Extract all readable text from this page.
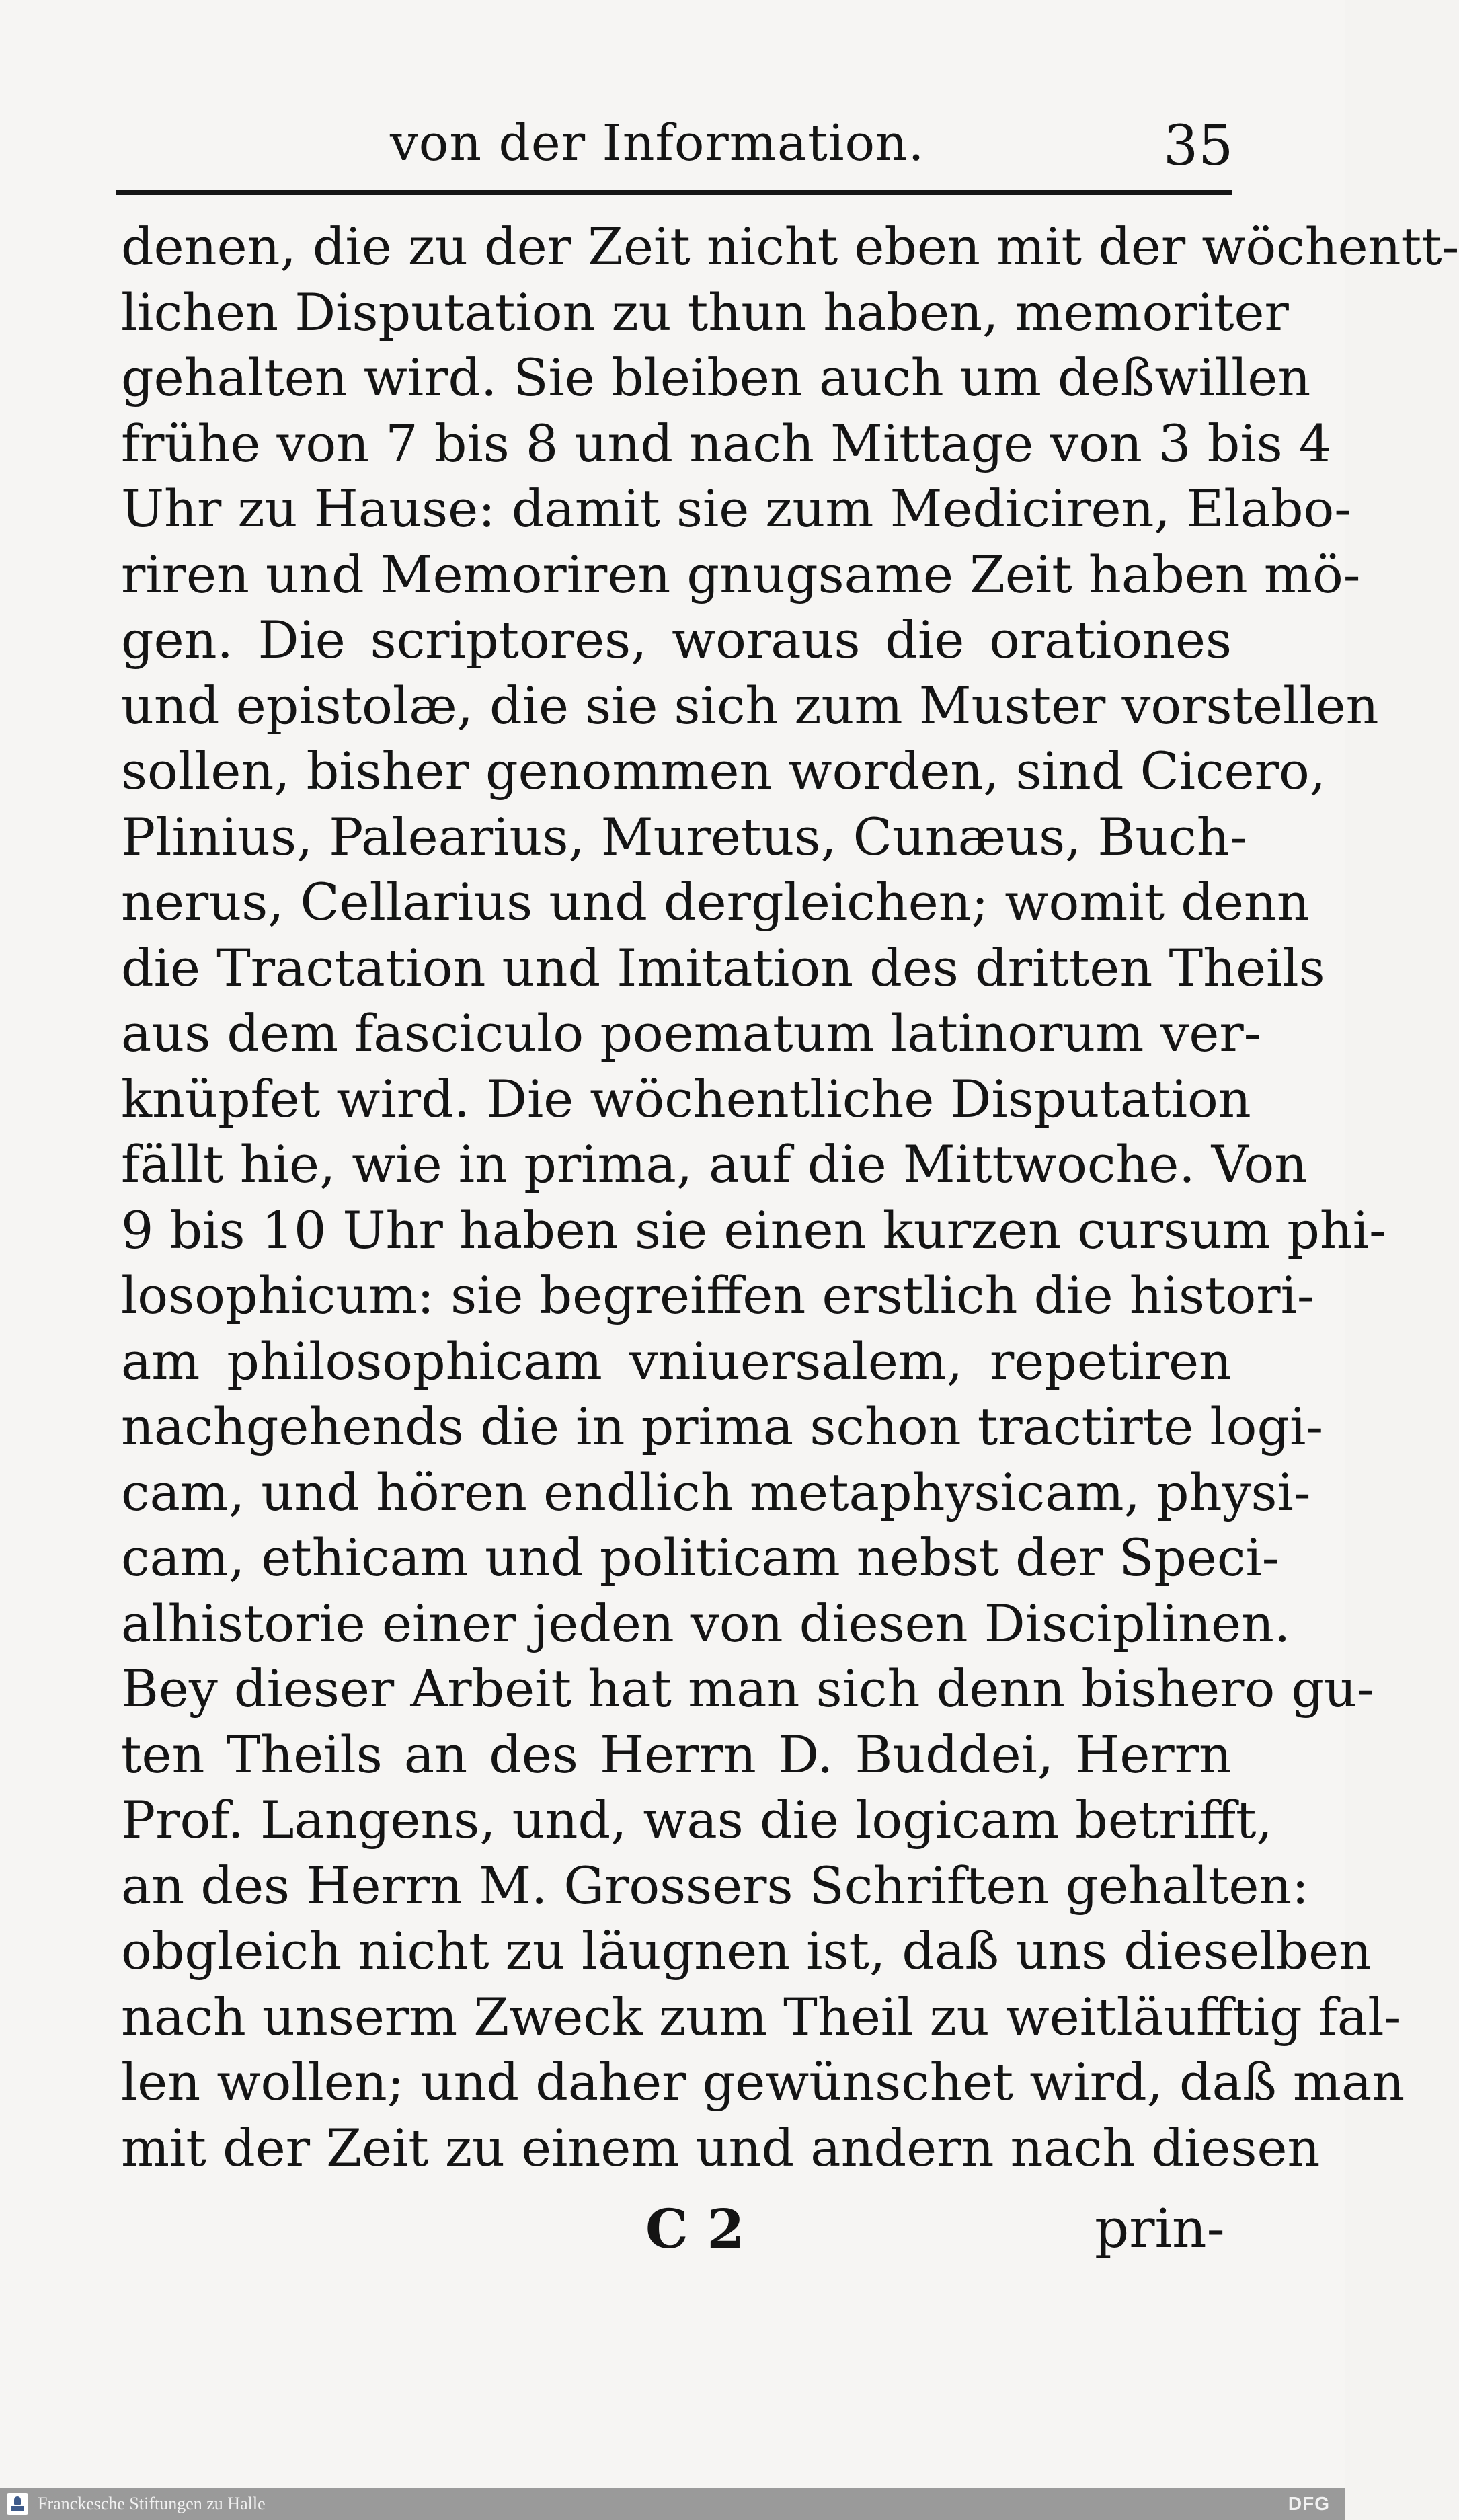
von der Information.	35
denen, die zu der Zeit nicht eben mit der wöchentt-
lichen Disputation zu thun haben, memoriter
gehalten wird. Sie bleiben auch um deßwillen
frühe von 7 bis 8 und nach Mittage von 3 bis 4
Uhr zu Hause: damit sie zum Mediciren, Elabo-
riren und Memoriren gnugsame Zeit haben mö-
gen. Die scriptores, woraus die orationes
und epistolæ, die sie sich zum Muster vorstellen
sollen, bisher genommen worden, sind Cicero,
Plinius, Palearius, Muretus, Cunæus, Buch-
nerus, Cellarius und dergleichen; womit denn
die Tractation und Imitation des dritten Theils
aus dem fasciculo poematum latinorum ver-
knüpfet wird. Die wöchentliche Disputation
fällt hie, wie in prima, auf die Mittwoche. Von
9 bis 10 Uhr haben sie einen kurzen cursum phi-
losophicum: sie begreiffen erstlich die histori-
am philosophicam vniuersalem, repetiren
nachgehends die in prima schon tractirte logi-
cam, und hören endlich metaphysicam, physi-
cam, ethicam und politicam nebst der Speci-
alhistorie einer jeden von diesen Disciplinen.
Bey dieser Arbeit hat man sich denn bishero gu-
ten Theils an des Herrn D. Buddei, Herrn
Prof. Langens, und, was die logicam betrifft,
an des Herrn M. Grossers Schriften gehalten:
obgleich nicht zu läugnen ist, daß uns dieselben
nach unserm Zweck zum Theil zu weitläufftig fal-
len wollen; und daher gewünschet wird, daß man
mit der Zeit zu einem und andern nach diesen
C 2	prin-
Franckesche Stiftungen zu Halle	DFG
